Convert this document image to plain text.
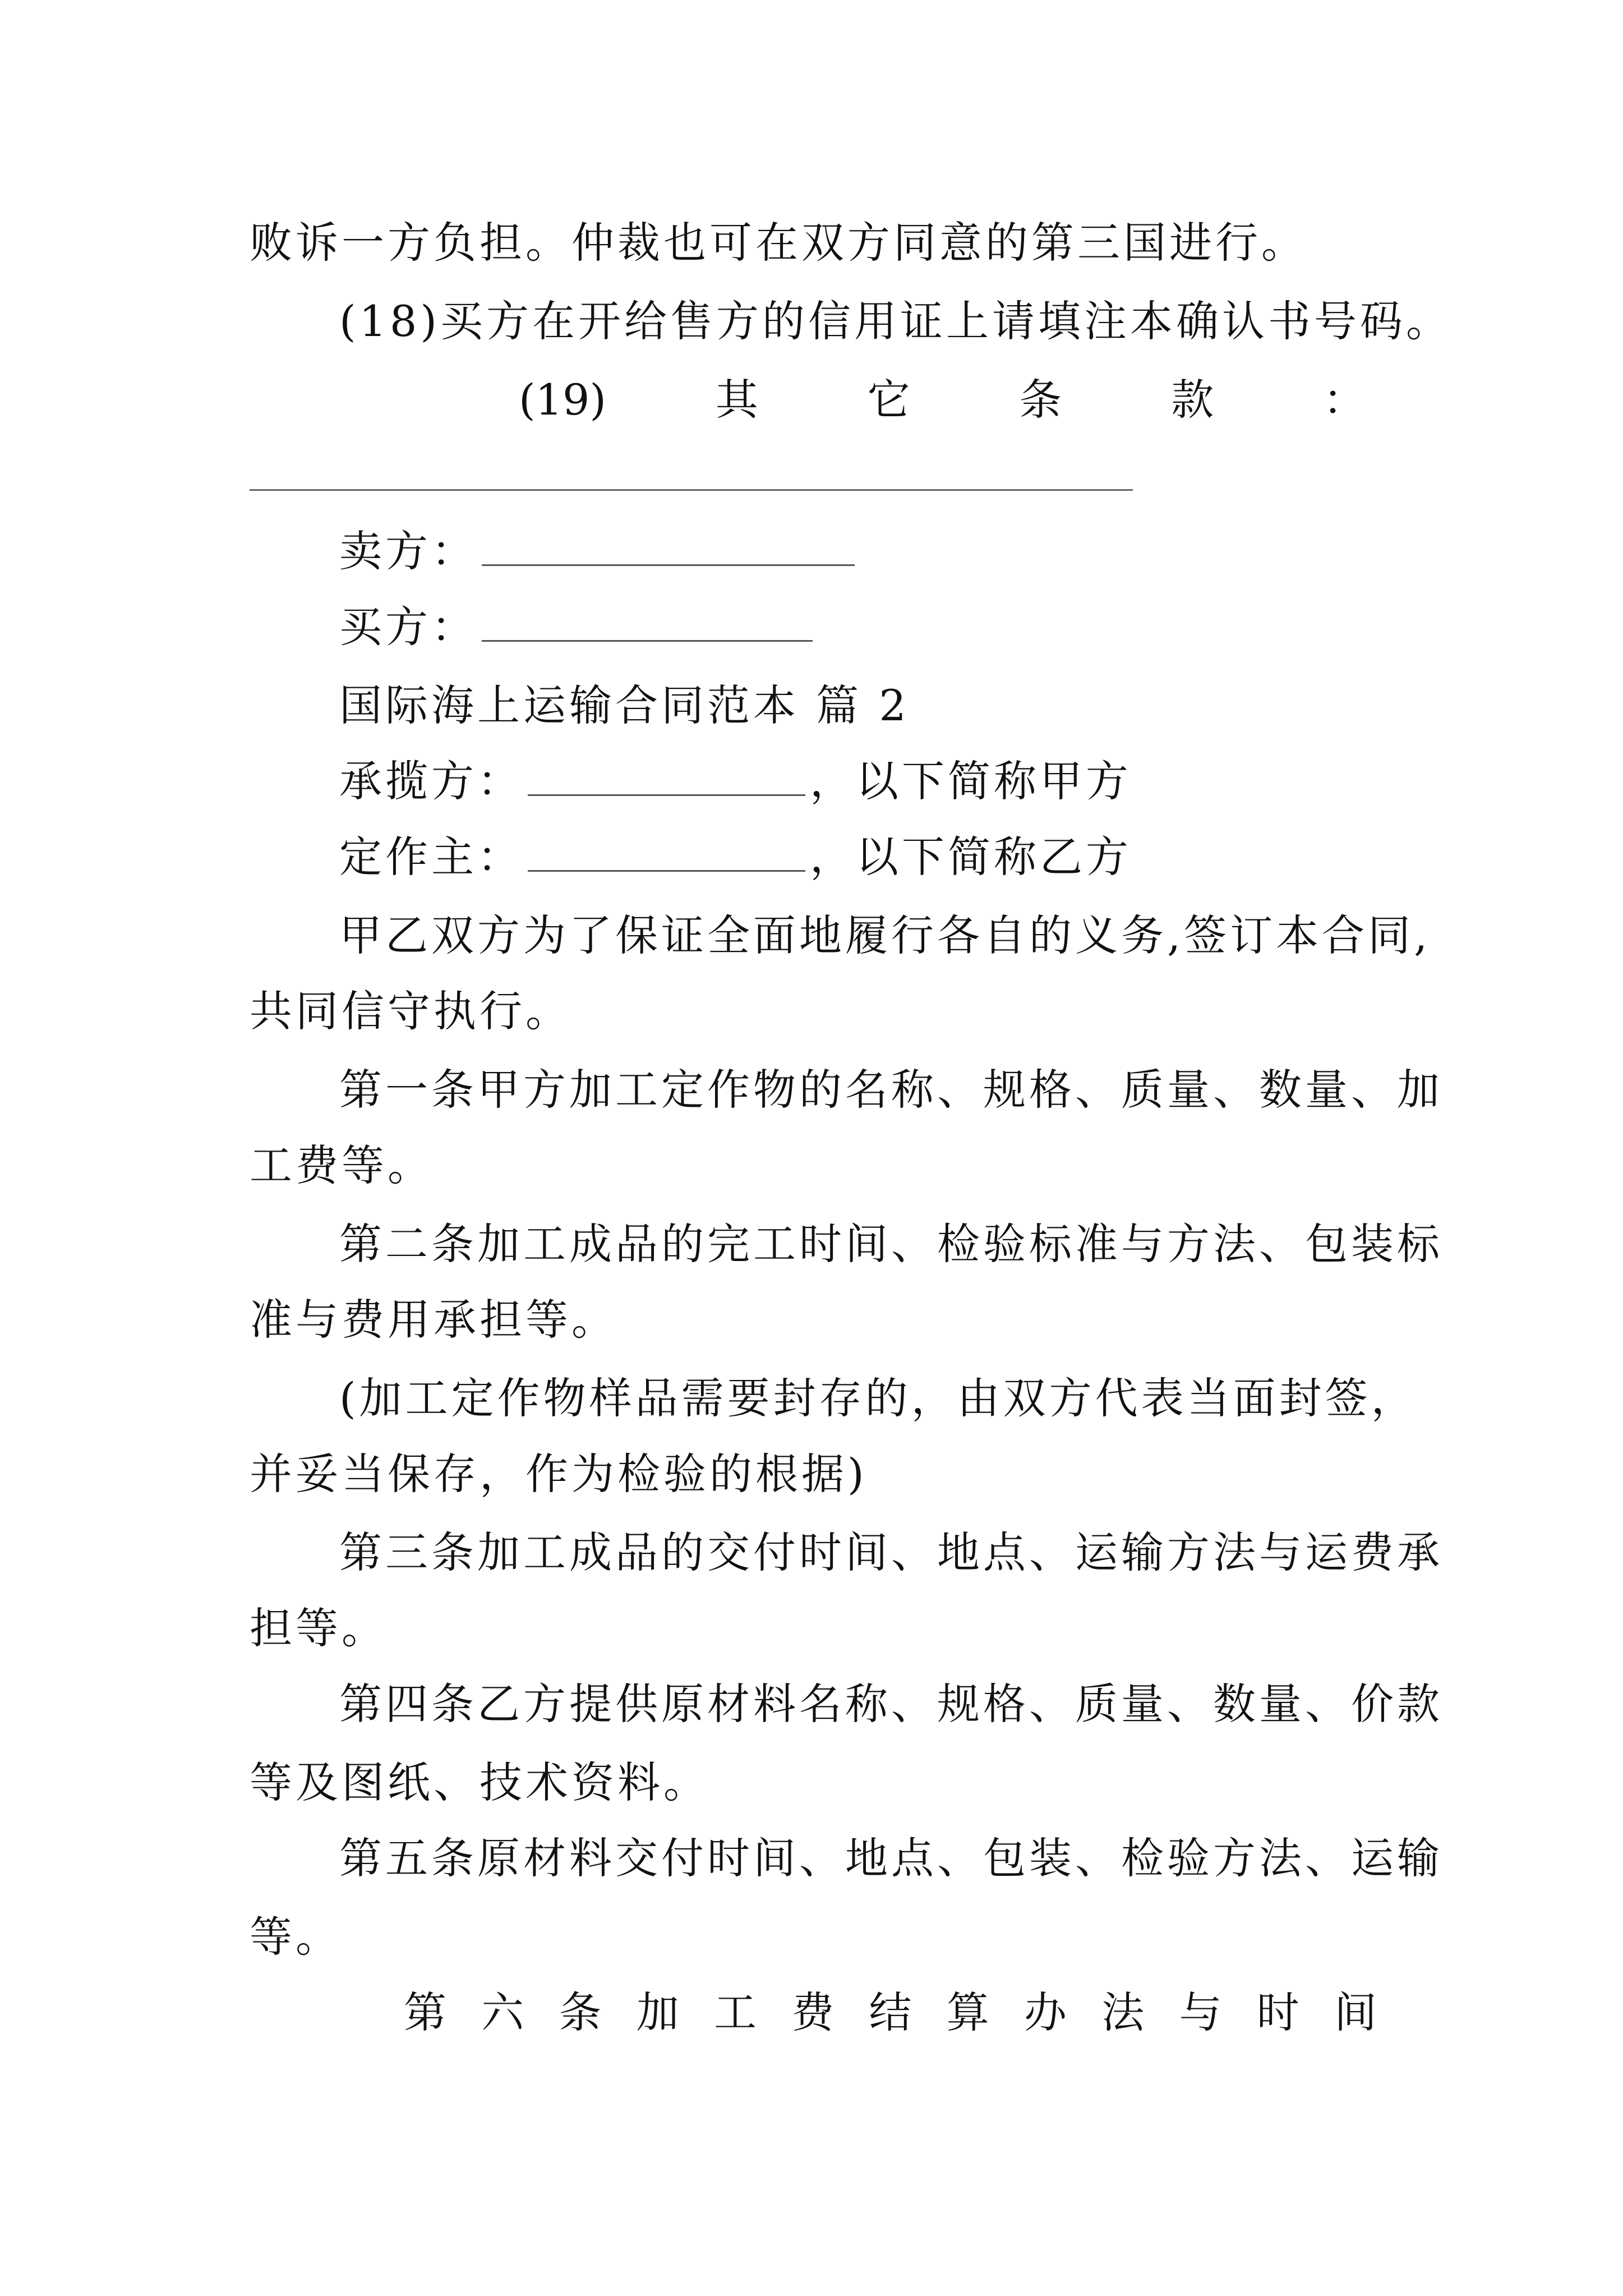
败诉一方负担。仲裁也可在双方同意的第三国进行。
(18)买方在开给售方的信用证上请填注本确认书号码。
(19)	其	它	条	款	：
卖方：
买方：
国际海上运输合同范本 篇 2
承揽方：	，以下简称甲方
定作主：	，以下简称乙方
甲乙双方为了保证全面地履行各自的义务,签订本合同,
共同信守执行。
第一条甲方加工定作物的名称、规格、质量、数量、加
工费等。
第二条加工成品的完工时间、检验标准与方法、包装标
准与费用承担等。
(加工定作物样品需要封存的，由双方代表当面封签，
并妥当保存，作为检验的根据)
第三条加工成品的交付时间、地点、运输方法与运费承
担等。
第四条乙方提供原材料名称、规格、质量、数量、价款
等及图纸、技术资料。
第五条原材料交付时间、地点、包装、检验方法、运输
等。
第 六 条 加 工 费 结 算 办 法 与 时 间
